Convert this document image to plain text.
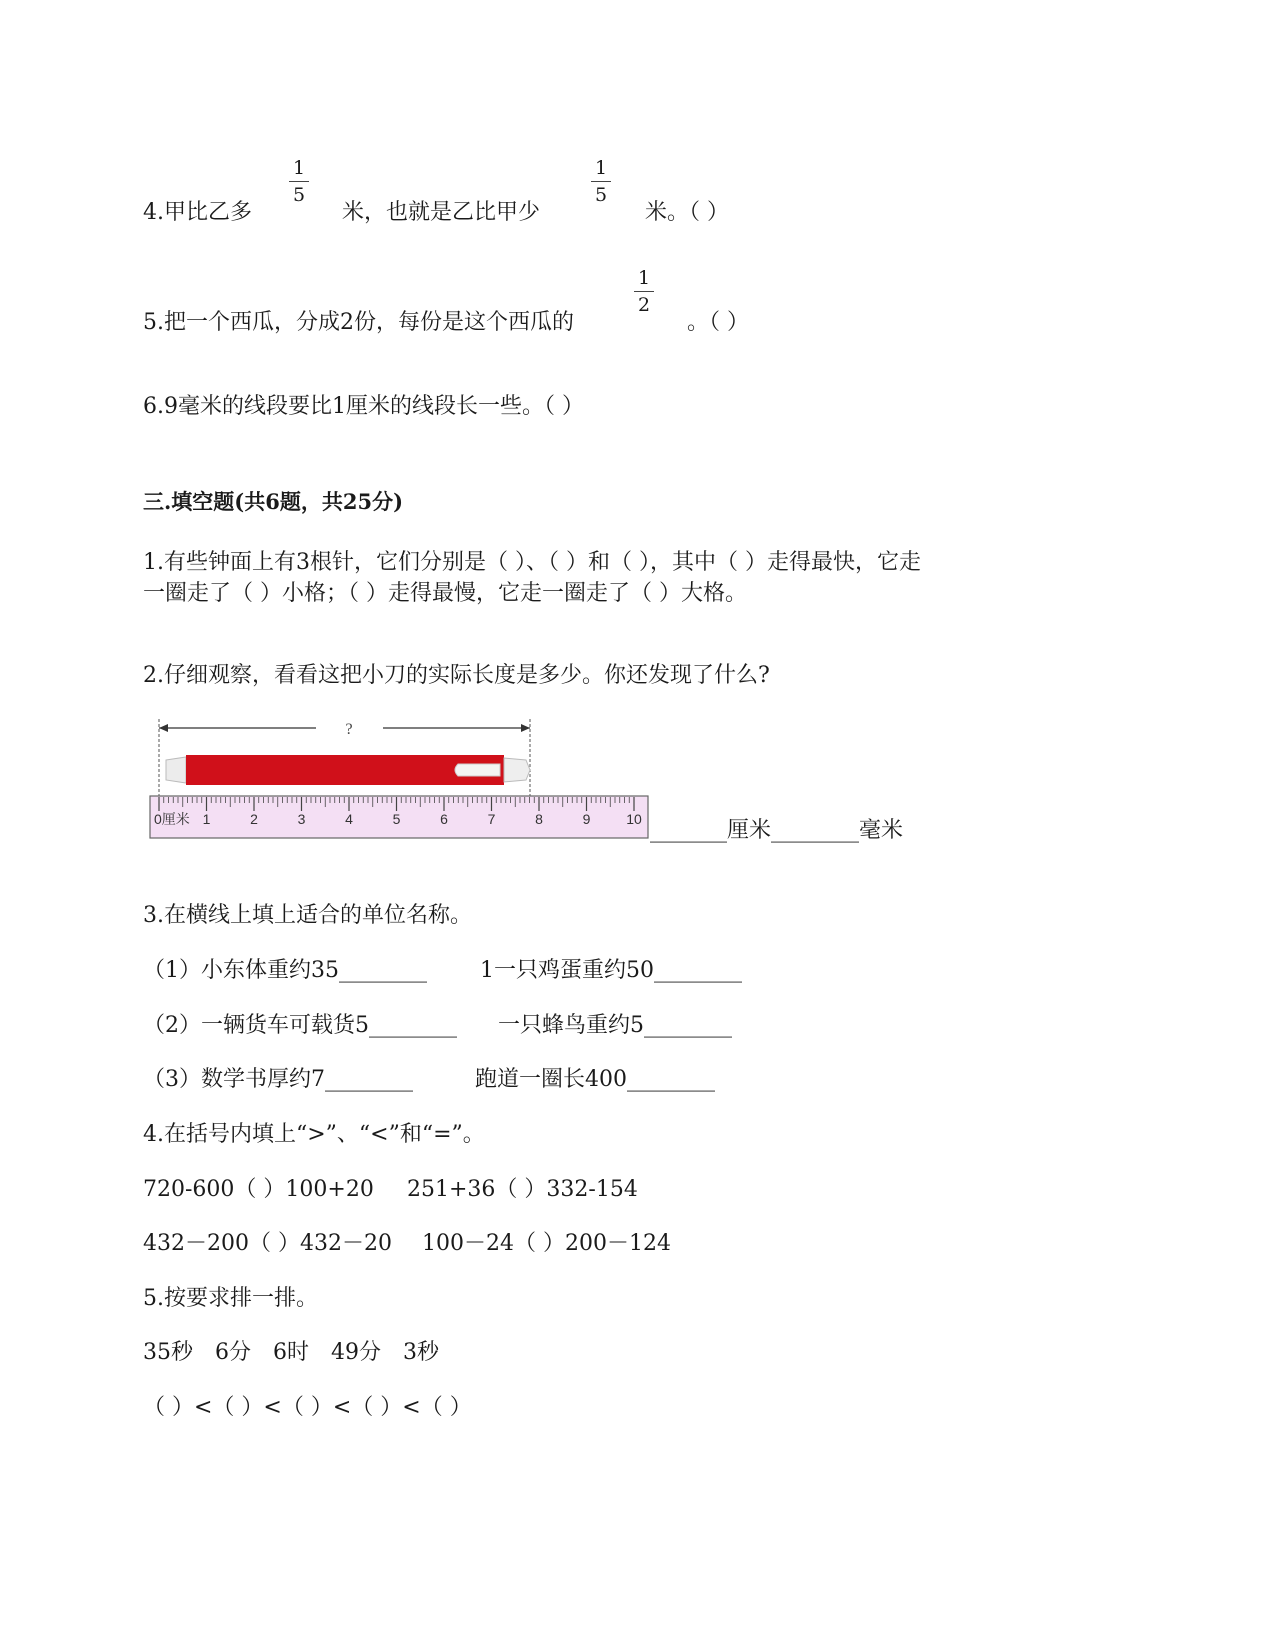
4.甲比乙多
1
5
米，也就是乙比甲少
1
5
米。（ ）
5.把一个西瓜，分成2份，每份是这个西瓜的
1
2
。（ ）
6.9毫米的线段要比1厘米的线段长一些。（ ）
三.填空题(共6题，共25分)
1.有些钟面上有3根针，它们分别是（ ）、（ ）和（ ），其中（ ）走得最快，它走
一圈走了（ ）小格；（ ）走得最慢，它走一圈走了（ ）大格。
2.仔细观察，看看这把小刀的实际长度是多少。你还发现了什么?
?
0厘米 1	2	3	4	5	6	7	8	9	10 _______厘米________毫米
3.在横线上填上适合的单位名称。
（1）小东体重约35________ 1一只鸡蛋重约50________
（2）一辆货车可载货5________ 一只蜂鸟重约5________
（3）数学书厚约7________	跑道一圈长400________
4.在括号内填上“>”、“<”和“=”。
720-600（ ）100+20 251+36（ ）332-154
432－200（ ）432－20 100－24（ ）200－124
5.按要求排一排。
35秒　6分　6时　49分　3秒
（ ）<（ ）<（ ）<（ ）<（ ）
